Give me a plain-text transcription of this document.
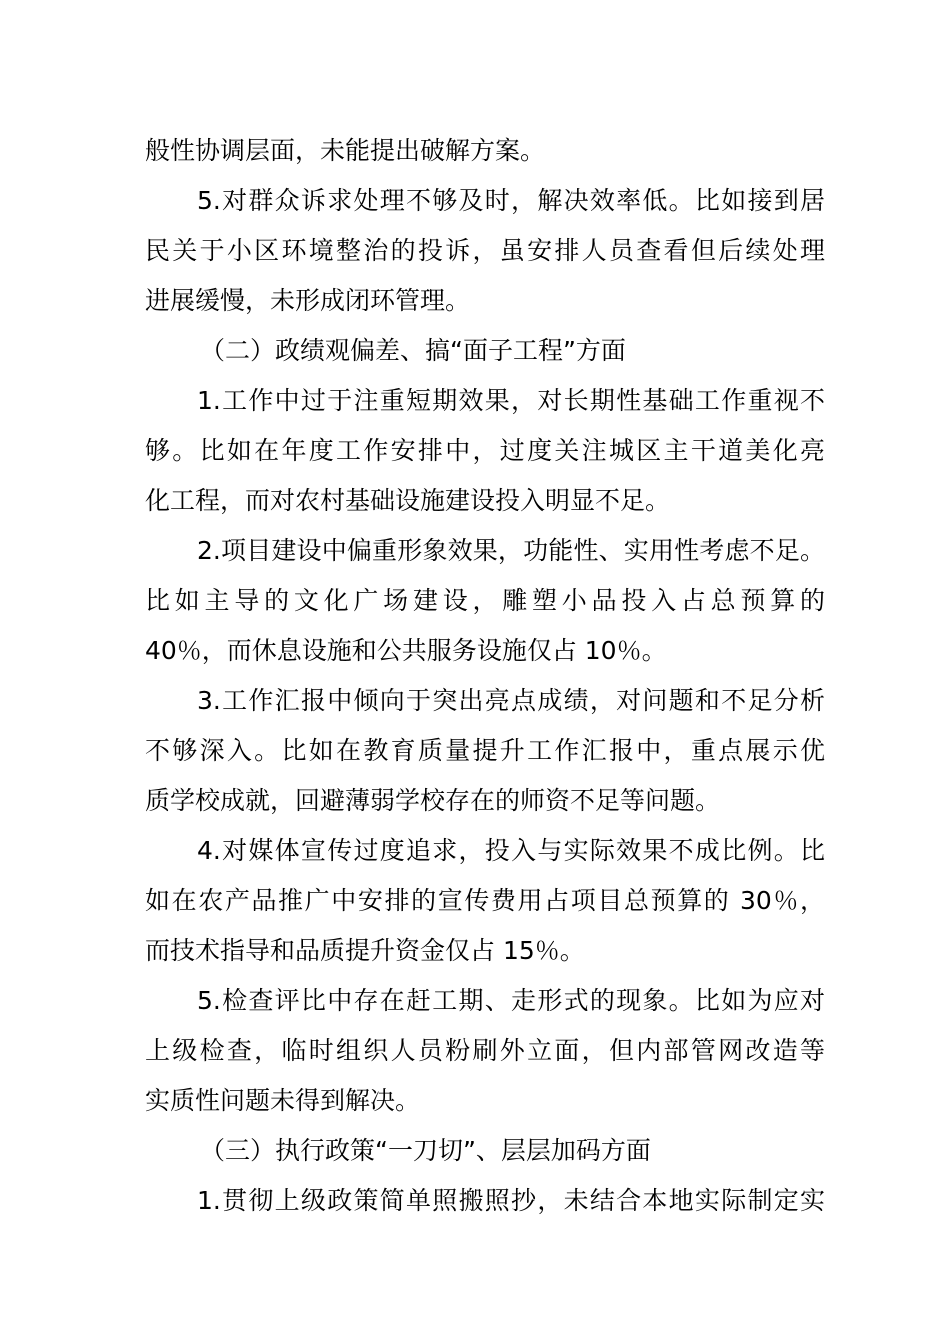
般性协调层面，未能提出破解方案。
5.对群众诉求处理不够及时，解决效率低。比如接到居
民关于小区环境整治的投诉，虽安排人员查看但后续处理
进展缓慢，未形成闭环管理。
（二）政绩观偏差、搞“面子工程”方面
1.工作中过于注重短期效果，对长期性基础工作重视不
够。比如在年度工作安排中，过度关注城区主干道美化亮
化工程，而对农村基础设施建设投入明显不足。
2.项目建设中偏重形象效果，功能性、实用性考虑不足。
比如主导的文化广场建设，雕塑小品投入占总预算的
40％，而休息设施和公共服务设施仅占 10％。
3.工作汇报中倾向于突出亮点成绩，对问题和不足分析
不够深入。比如在教育质量提升工作汇报中，重点展示优
质学校成就，回避薄弱学校存在的师资不足等问题。
4.对媒体宣传过度追求，投入与实际效果不成比例。比
如在农产品推广中安排的宣传费用占项目总预算的 30％，
而技术指导和品质提升资金仅占 15％。
5.检查评比中存在赶工期、走形式的现象。比如为应对
上级检查，临时组织人员粉刷外立面，但内部管网改造等
实质性问题未得到解决。
（三）执行政策“一刀切”、层层加码方面
1.贯彻上级政策简单照搬照抄，未结合本地实际制定实
